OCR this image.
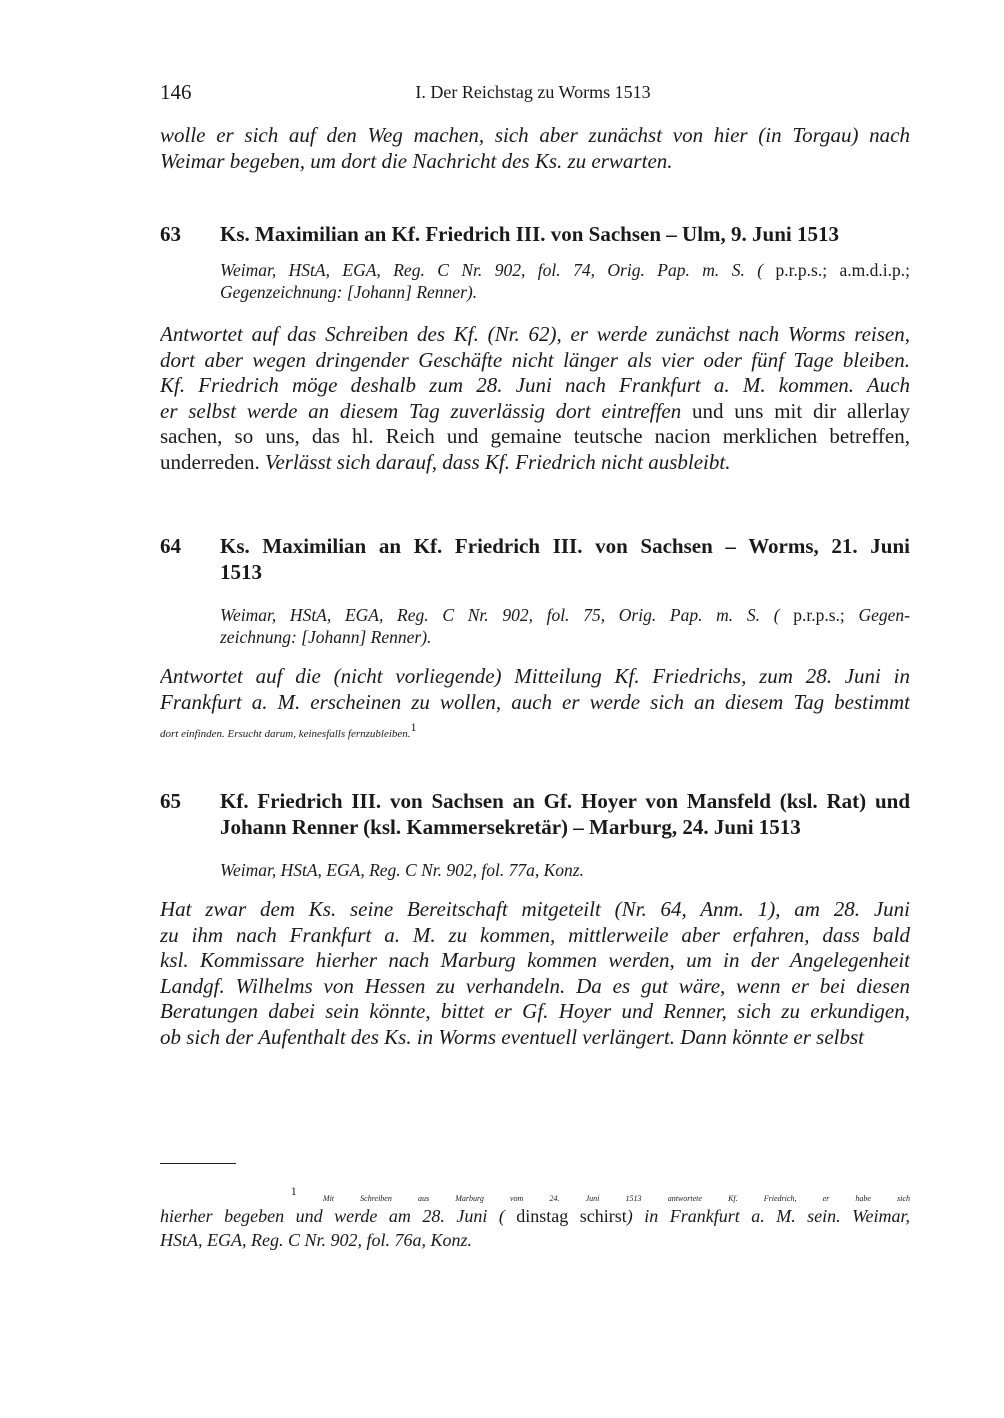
146	I. Der Reichstag zu Worms 1513
wolle er sich auf den Weg machen, sich aber zunächst von hier (in Torgau) nach
Weimar begeben, um dort die Nachricht des Ks. zu erwarten.
63 Ks. Maximilian an Kf. Friedrich III. von Sachsen – Ulm, 9. Juni 1513
Weimar, HStA, EGA, Reg. C Nr. 902, fol. 74, Orig. Pap. m. S. ( p.r.p.s.; a.m.d.i.p.;
Gegenzeichnung: [Johann] Renner).
Antwortet auf das Schreiben des Kf. (Nr. 62), er werde zunächst nach Worms reisen,
dort aber wegen dringender Geschäfte nicht länger als vier oder fünf Tage bleiben.
Kf. Friedrich möge deshalb zum 28. Juni nach Frankfurt a. M. kommen. Auch
er selbst werde an diesem Tag zuverlässig dort eintreffen und uns mit dir allerlay
sachen, so uns, das hl. Reich und gemaine teutsche nacion merklichen betreffen,
underreden. Verlässt sich darauf, dass Kf. Friedrich nicht ausbleibt.
64 Ks. Maximilian an Kf. Friedrich III. von Sachsen – Worms, 21. Juni
1513
Weimar, HStA, EGA, Reg. C Nr. 902, fol. 75, Orig. Pap. m. S. ( p.r.p.s.; Gegen-
zeichnung: [Johann] Renner).
Antwortet auf die (nicht vorliegende) Mitteilung Kf. Friedrichs, zum 28. Juni in
Frankfurt a. M. erscheinen zu wollen, auch er werde sich an diesem Tag bestimmt
dort einfinden. Ersucht darum, keinesfalls fernzubleiben.$^1$
65 Kf. Friedrich III. von Sachsen an Gf. Hoyer von Mansfeld (ksl. Rat) und
Johann Renner (ksl. Kammersekretär) – Marburg, 24. Juni 1513
Weimar, HStA, EGA, Reg. C Nr. 902, fol. 77a, Konz.
Hat zwar dem Ks. seine Bereitschaft mitgeteilt (Nr. 64, Anm. 1), am 28. Juni
zu ihm nach Frankfurt a. M. zu kommen, mittlerweile aber erfahren, dass bald
ksl. Kommissare hierher nach Marburg kommen werden, um in der Angelegenheit
Landgf. Wilhelms von Hessen zu verhandeln. Da es gut wäre, wenn er bei diesen
Beratungen dabei sein könnte, bittet er Gf. Hoyer und Renner, sich zu erkundigen,
ob sich der Aufenthalt des Ks. in Worms eventuell verlängert. Dann könnte er selbst
$^1$ Mit Schreiben aus Marburg vom 24. Juni 1513 antwortete Kf. Friedrich, er habe sich
hierher begeben und werde am 28. Juni ( dinstag schirst) in Frankfurt a. M. sein. Weimar,
HStA, EGA, Reg. C Nr. 902, fol. 76a, Konz.
